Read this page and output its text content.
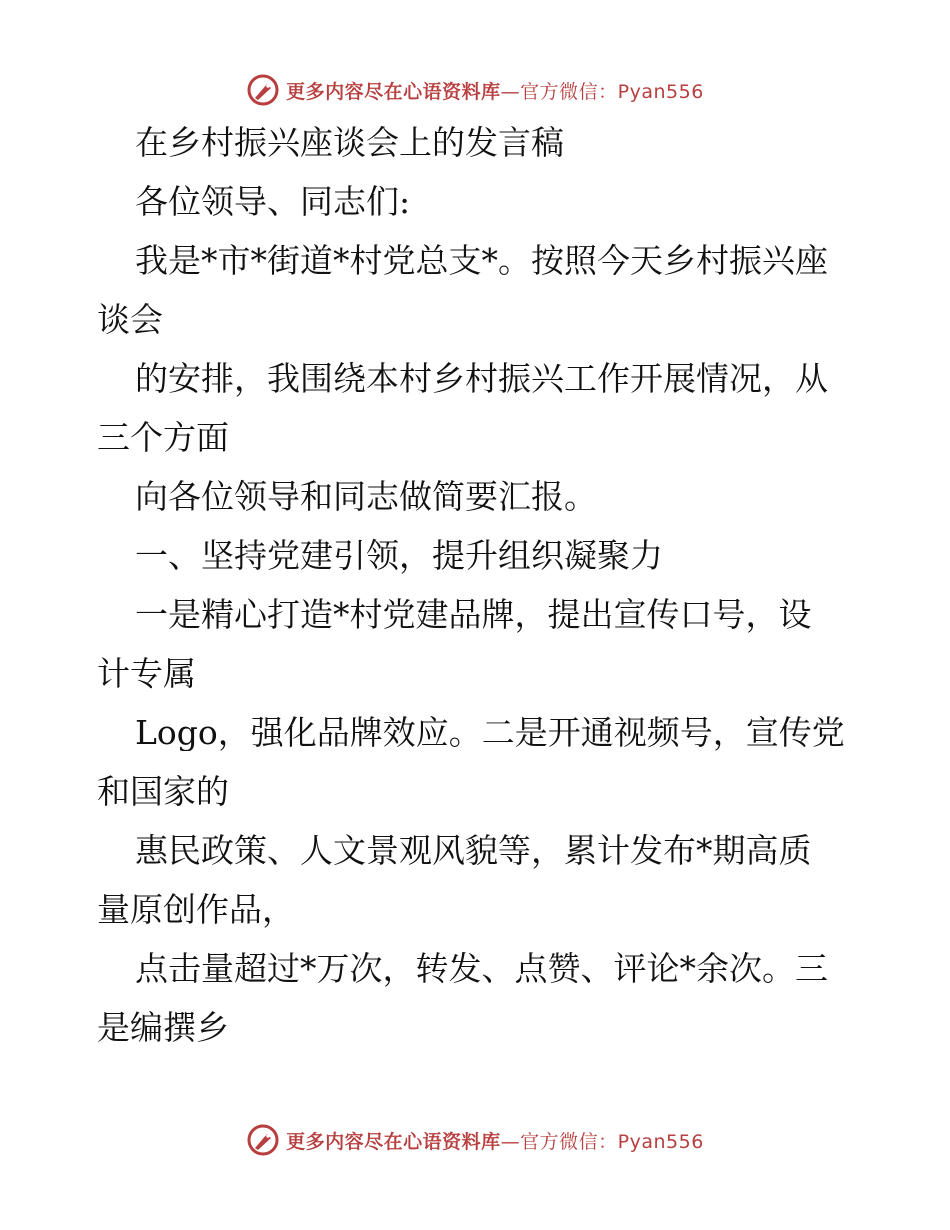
更多内容尽在心语资料库—官方微信：Pyan556
在乡村振兴座谈会上的发言稿
各位领导、同志们:
我是*市*街道*村党总支*。按照今天乡村振兴座
谈会
的安排，我围绕本村乡村振兴工作开展情况，从
三个方面
向各位领导和同志做简要汇报。
一、坚持党建引领，提升组织凝聚力
一是精心打造*村党建品牌，提出宣传口号，设
计专属
Logo，强化品牌效应。二是开通视频号，宣传党
和国家的
惠民政策、人文景观风貌等，累计发布*期高质
量原创作品，
点击量超过*万次，转发、点赞、评论*余次。三
是编撰乡
更多内容尽在心语资料库—官方微信：Pyan556
